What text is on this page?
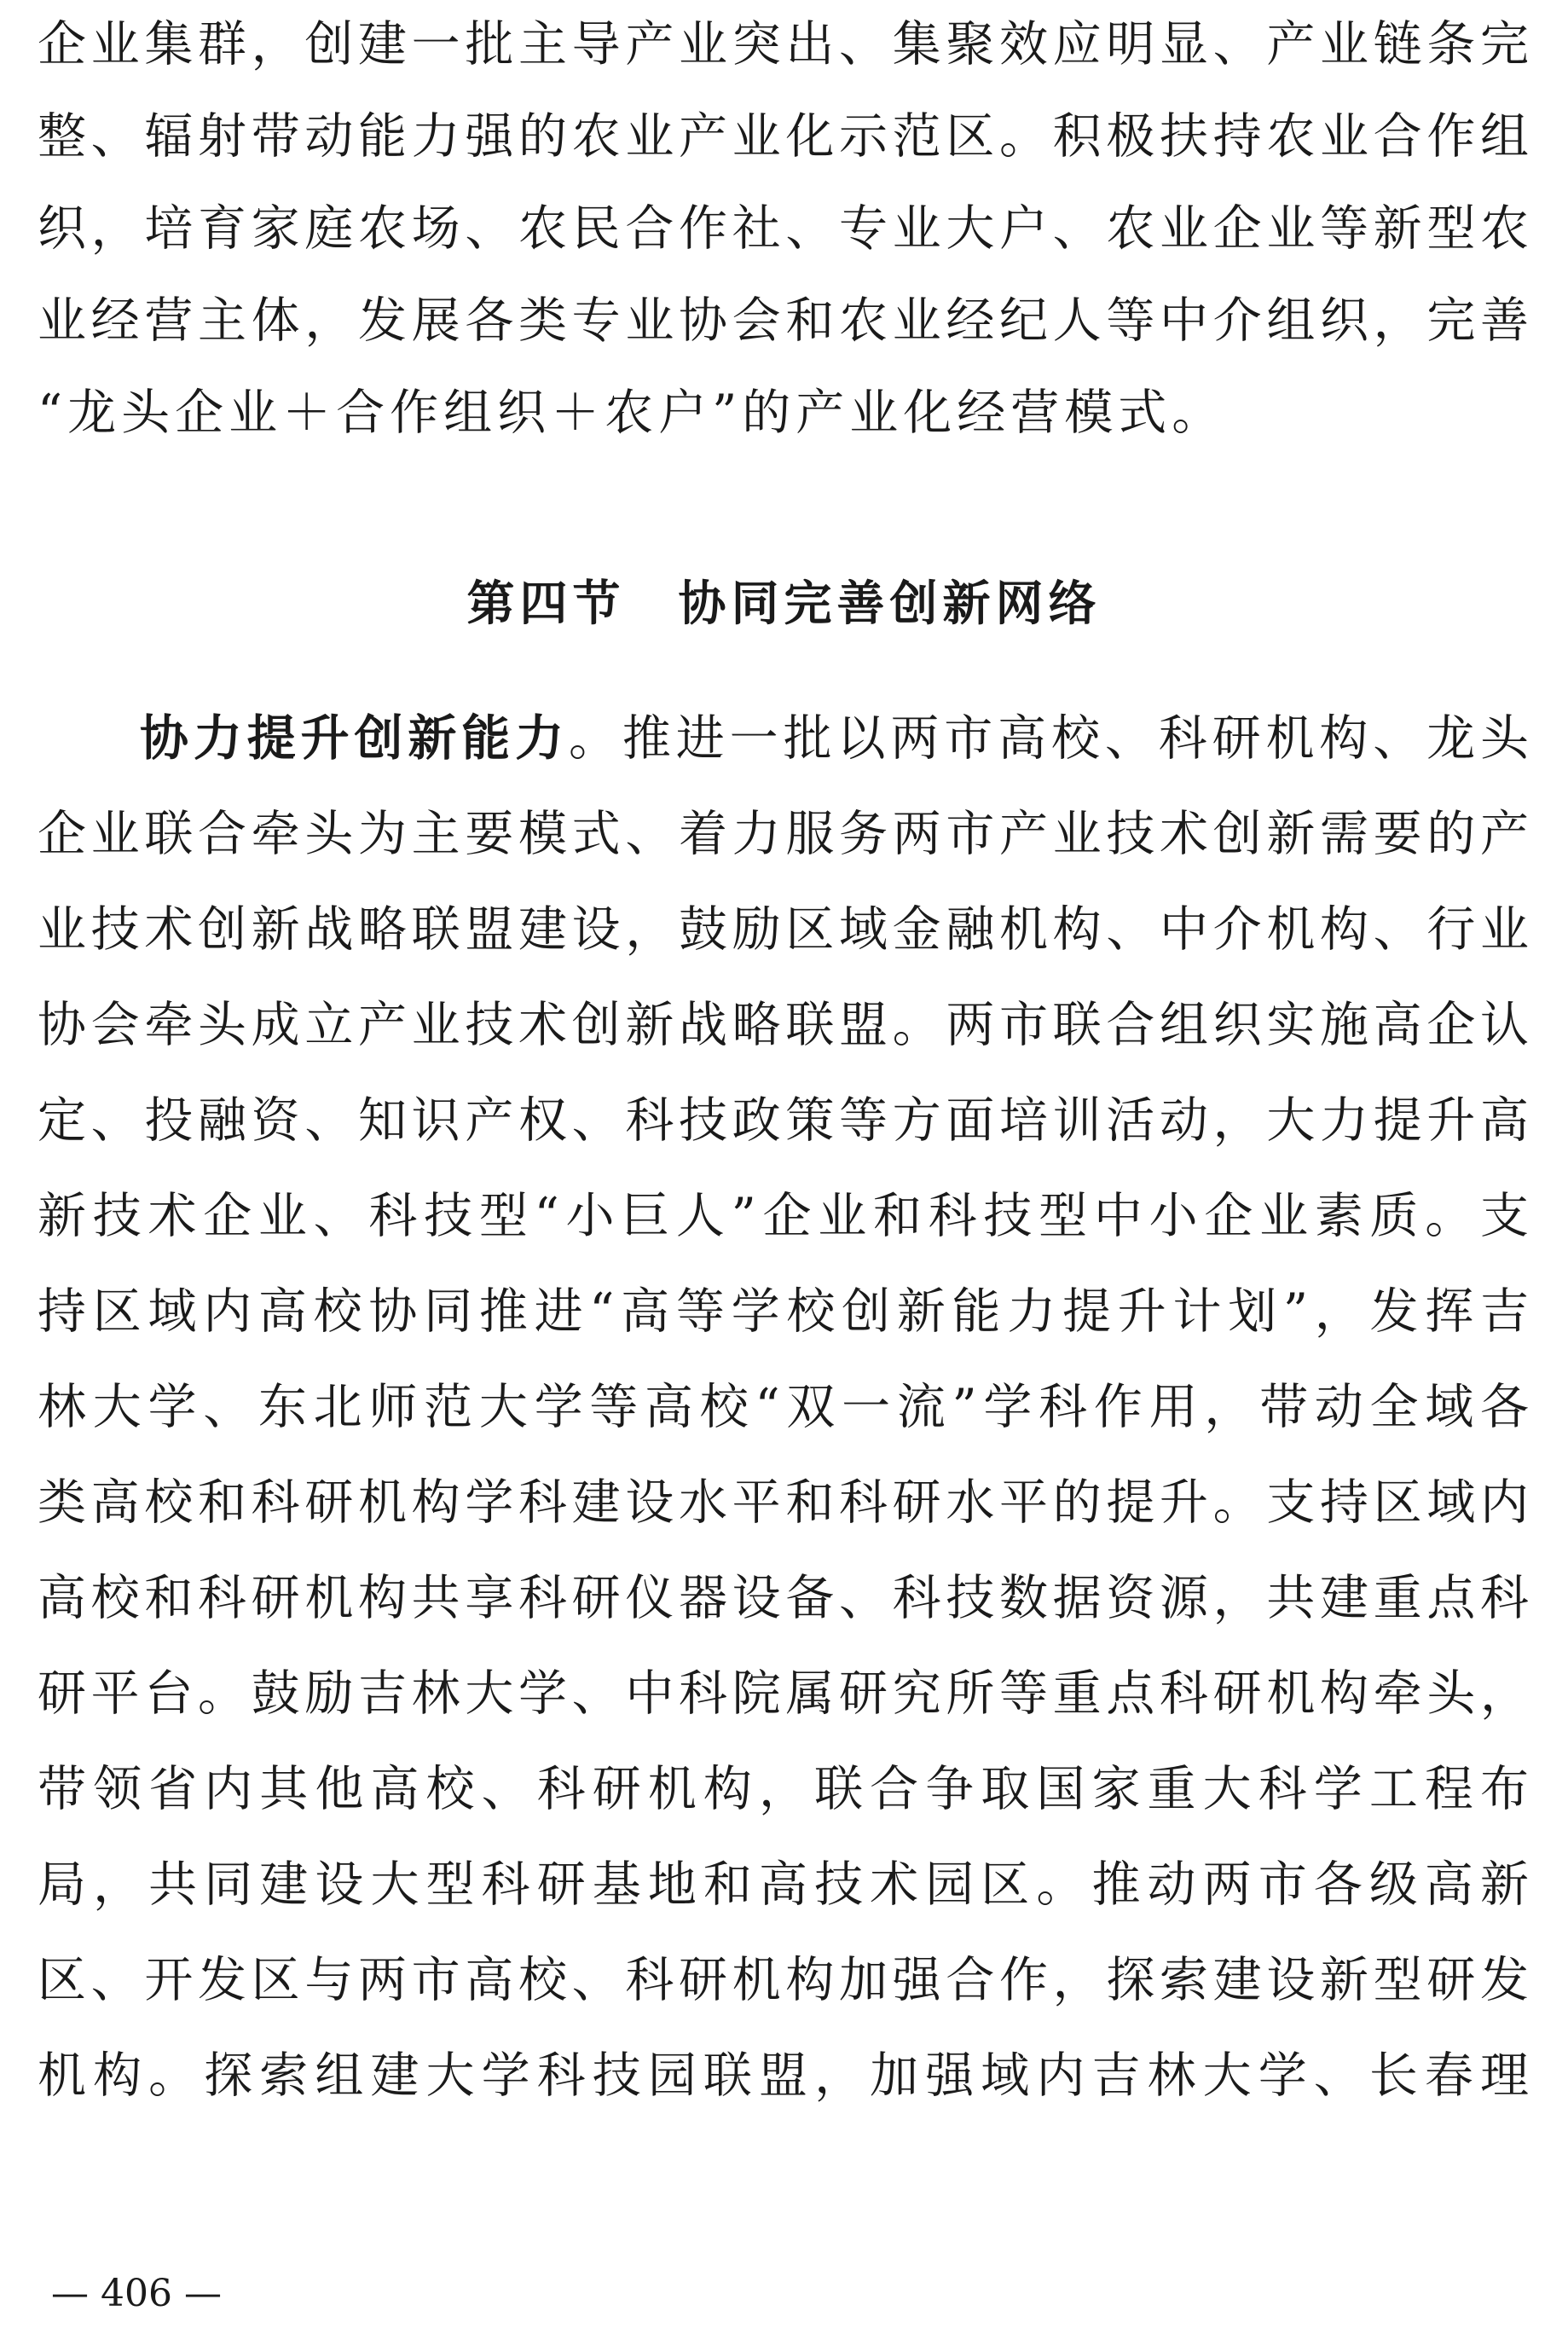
企业集群，创建一批主导产业突出、集聚效应明显、产业链条完
整、辐射带动能力强的农业产业化示范区。积极扶持农业合作组
织，培育家庭农场、农民合作社、专业大户、农业企业等新型农
业经营主体，发展各类专业协会和农业经纪人等中介组织，完善
“龙头企业＋合作组织＋农户”的产业化经营模式。
第四节　协同完善创新网络
协力提升创新能力。推进一批以两市高校、科研机构、龙头
企业联合牵头为主要模式、着力服务两市产业技术创新需要的产
业技术创新战略联盟建设，鼓励区域金融机构、中介机构、行业
协会牵头成立产业技术创新战略联盟。两市联合组织实施高企认
定、投融资、知识产权、科技政策等方面培训活动，大力提升高
新技术企业、科技型“小巨人”企业和科技型中小企业素质。支
持区域内高校协同推进“高等学校创新能力提升计划”，发挥吉
林大学、东北师范大学等高校“双一流”学科作用，带动全域各
类高校和科研机构学科建设水平和科研水平的提升。支持区域内
高校和科研机构共享科研仪器设备、科技数据资源，共建重点科
研平台。鼓励吉林大学、中科院属研究所等重点科研机构牵头，
带领省内其他高校、科研机构，联合争取国家重大科学工程布
局，共同建设大型科研基地和高技术园区。推动两市各级高新
区、开发区与两市高校、科研机构加强合作，探索建设新型研发
机构。探索组建大学科技园联盟，加强域内吉林大学、长春理
— 406 —
